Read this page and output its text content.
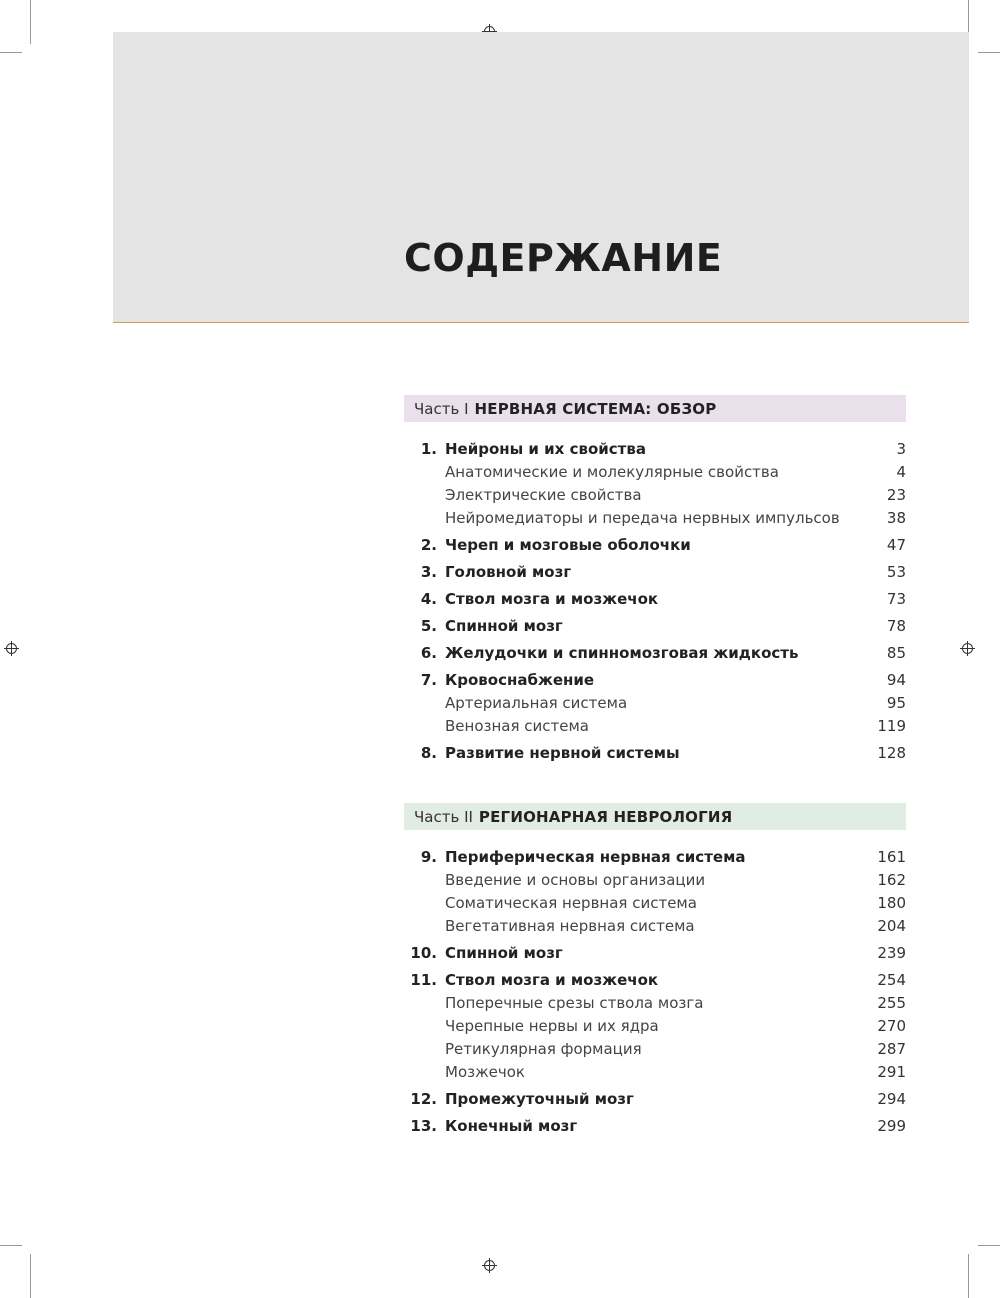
СОДЕРЖАНИЕ
Часть I НЕРВНАЯ СИСТЕМА: ОБЗОР
1. Нейроны и их свойства	3
Анатомические и молекулярные свойства	4
Электрические свойства	23
Нейромедиаторы и передача нервных импульсов	38
2. Череп и мозговые оболочки	47
3. Головной мозг	53
4. Ствол мозга и мозжечок	73
5. Спинной мозг	78
6. Желудочки и спинномозговая жидкость	85
7. Кровоснабжение	94
Артериальная система	95
Венозная система	119
8. Развитие нервной системы	128
Часть II РЕГИОНАРНАЯ НЕВРОЛОГИЯ
9. Периферическая нервная система	161
Введение и основы организации	162
Соматическая нервная система	180
Вегетативная нервная система	204
10. Спинной мозг	239
11. Ствол мозга и мозжечок	254
Поперечные срезы ствола мозга	255
Черепные нервы и их ядра	270
Ретикулярная формация	287
Мозжечок	291
12. Промежуточный мозг	294
13. Конечный мозг	299
